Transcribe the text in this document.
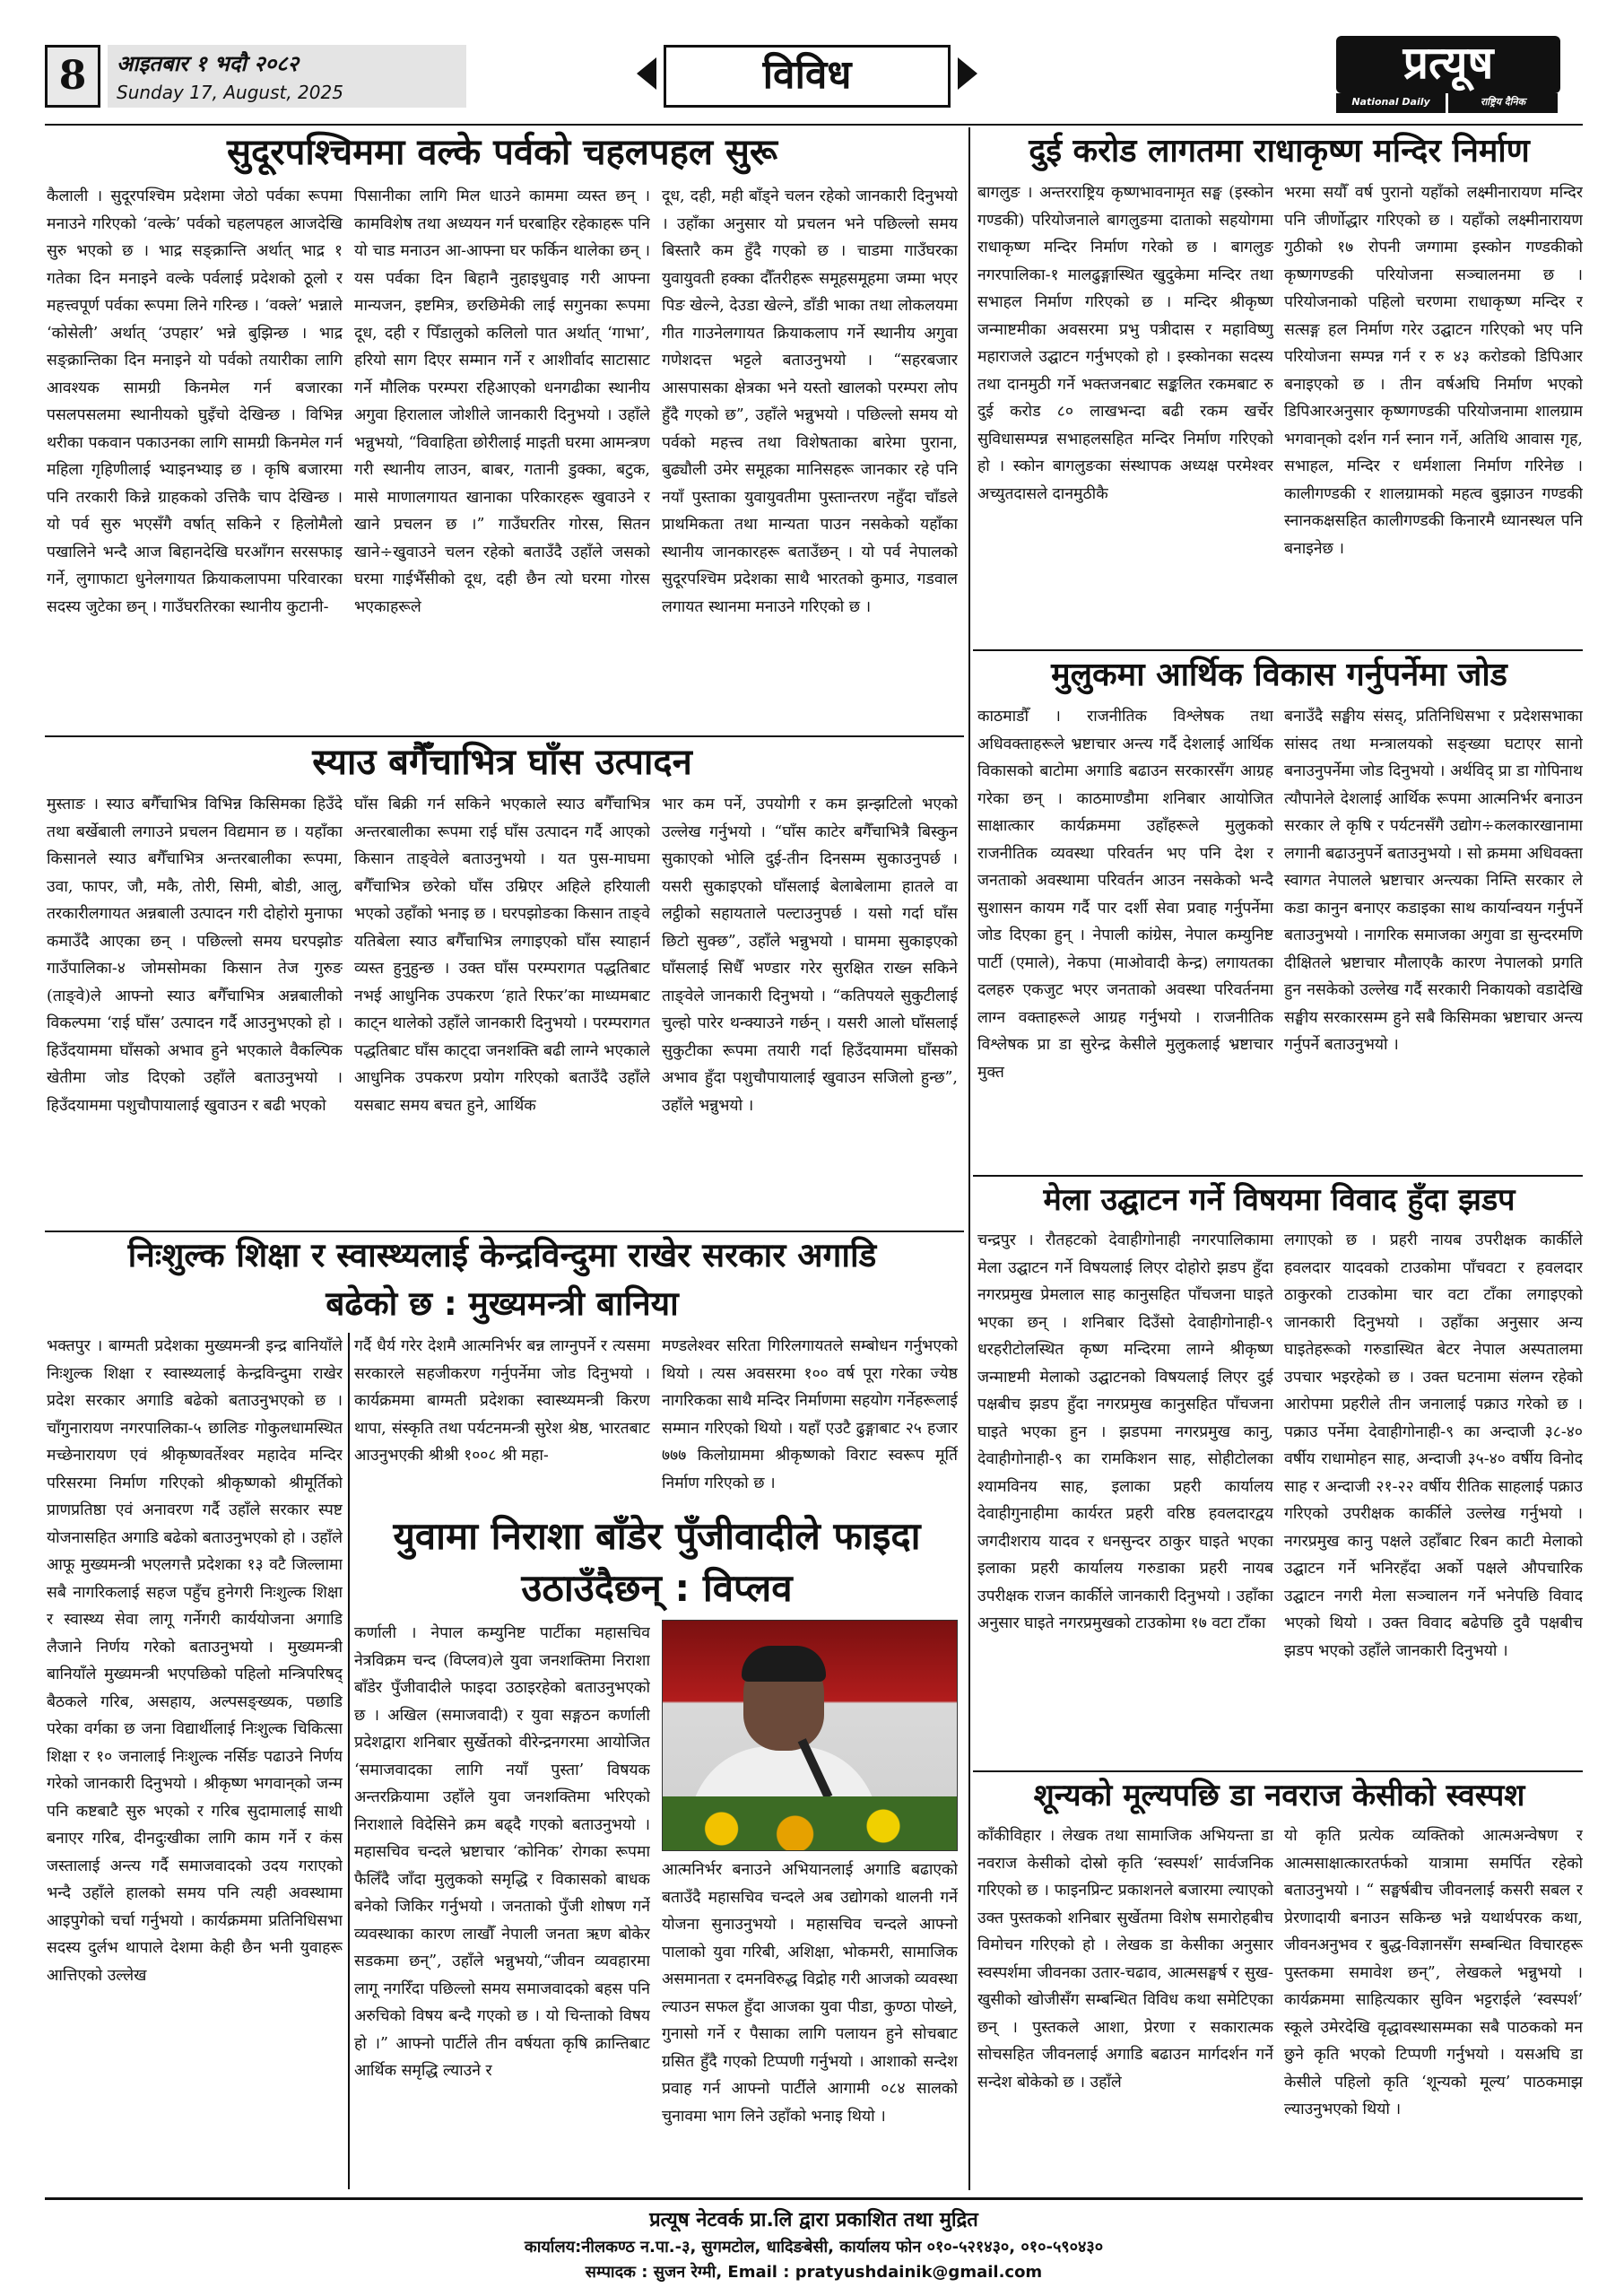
8	आइतबार १ भदौ २०८२
Sunday 17, August, 2025	विविध	प्रत्यूष
National Daily	राष्ट्रिय दैनिक
सुदूरपश्चिममा वल्के पर्वको चहलपहल सुरू
कैलाली । सुदूरपश्चिम प्रदेशमा जेठो पर्वका रूपमा मनाउने गरिएको ‘वल्के’ पर्वको चहलपहल आजदेखि सुरु भएको छ । भाद्र सङ्क्रान्ति अर्थात् भाद्र १ गतेका दिन मनाइने वल्के पर्वलाई प्रदेशको ठूलो र महत्त्वपूर्ण पर्वका रूपमा लिने गरिन्छ । ‘वक्ले’ भन्नाले ‘कोसेली’ अर्थात् ‘उपहार’ भन्ने बुझिन्छ । भाद्र सङ्क्रान्तिका दिन मनाइने यो पर्वको तयारीका लागि आवश्यक सामग्री किनमेल गर्न बजारका पसलपसलमा स्थानीयको घुइँचो देखिन्छ । विभिन्न थरीका पकवान पकाउनका लागि सामग्री किनमेल गर्न महिला गृहिणीलाई भ्याइनभ्याइ छ । कृषि बजारमा पनि तरकारी किन्ने ग्राहकको उत्तिकै चाप देखिन्छ । यो पर्व सुरु भएसँगै वर्षात् सकिने र हिलोमैलो पखालिने भन्दै आज बिहानदेखि घरआँगन सरसफाइ गर्ने, लुगाफाटा धुनेलगायत क्रियाकलापमा परिवारका सदस्य जुटेका छन् । गाउँघरतिरका स्थानीय कुटानी-
पिसानीका लागि मिल धाउने काममा व्यस्त छन् । कामविशेष तथा अध्ययन गर्न घरबाहिर रहेकाहरू पनि यो चाड मनाउन आ-आफ्ना घर फर्किन थालेका छन् । यस पर्वका दिन बिहानै नुहाइधुवाइ गरी आफ्ना मान्यजन, इष्टमित्र, छरछिमेकी लाई सगुनका रूपमा दूध, दही र पिँडालुको कलिलो पात अर्थात् ‘गाभा’, हरियो साग दिएर सम्मान गर्ने र आशीर्वाद साटासाट गर्ने मौलिक परम्परा रहिआएको धनगढीका स्थानीय अगुवा हिरालाल जोशीले जानकारी दिनुभयो । उहाँले भन्नुभयो, “विवाहिता छोरीलाई माइती घरमा आमन्त्रण गरी स्थानीय लाउन, बाबर, गतानी डुक्का, बटुक, मासे माणालगायत खानाका परिकारहरू खुवाउने र खाने प्रचलन छ ।” गाउँघरतिर गोरस, सितन खाने÷खुवाउने चलन रहेको बताउँदै उहाँले जसको घरमा गाईभैँसीको दूध, दही छैन त्यो घरमा गोरस भएकाहरूले
दूध, दही, मही बाँड्ने चलन रहेको जानकारी दिनुभयो । उहाँका अनुसार यो प्रचलन भने पछिल्लो समय बिस्तारै कम हुँदै गएको छ । चाडमा गाउँघरका युवायुवती हक्का दौँतरीहरू समूहसमूहमा जम्मा भएर पिङ खेल्ने, देउडा खेल्ने, डाँडी भाका तथा लोकलयमा गीत गाउनेलगायत क्रियाकलाप गर्ने स्थानीय अगुवा गणेशदत्त भट्टले बताउनुभयो । “सहरबजार आसपासका क्षेत्रका भने यस्तो खालको परम्परा लोप हुँदै गएको छ”, उहाँले भन्नुभयो । पछिल्लो समय यो पर्वको महत्त्व तथा विशेषताका बारेमा पुराना, बुढ्यौली उमेर समूहका मानिसहरू जानकार रहे पनि नयाँ पुस्ताका युवायुवतीमा पुस्तान्तरण नहुँदा चाँडले प्राथमिकता तथा मान्यता पाउन नसकेको यहाँका स्थानीय जानकारहरू बताउँछन् । यो पर्व नेपालको सुदूरपश्चिम प्रदेशका साथै भारतको कुमाउ, गडवाल लगायत स्थानमा मनाउने गरिएको छ ।
स्याउ बगैँचाभित्र घाँस उत्पादन
मुस्ताङ । स्याउ बगैँचाभित्र विभिन्न किसिमका हिउँदे तथा बर्खेबाली लगाउने प्रचलन विद्यमान छ । यहाँका किसानले स्याउ बगैँचाभित्र अन्तरबालीका रूपमा, उवा, फापर, जौ, मकै, तोरी, सिमी, बोडी, आलु, तरकारीलगायत अन्नबाली उत्पादन गरी दोहोरो मुनाफा कमाउँदै आएका छन् । पछिल्लो समय घरपझोङ गाउँपालिका-४ जोमसोमका किसान तेज गुरुङ (ताङ्वे)ले आफ्नो स्याउ बगैँचाभित्र अन्नबालीको विकल्पमा ‘राई घाँस’ उत्पादन गर्दै आउनुभएको हो । हिउँदयाममा घाँसको अभाव हुने भएकाले वैकल्पिक खेतीमा जोड दिएको उहाँले बताउनुभयो । हिउँदयाममा पशुचौपायालाई खुवाउन र बढी भएको
घाँस बिक्री गर्न सकिने भएकाले स्याउ बगैँचाभित्र अन्तरबालीका रूपमा राई घाँस उत्पादन गर्दै आएको किसान ताङ्वेले बताउनुभयो । यत पुस-माघमा बगैँचाभित्र छरेको घाँस उम्रिएर अहिले हरियाली भएको उहाँको भनाइ छ । घरपझोङका किसान ताङ्वे यतिबेला स्याउ बगैँचाभित्र लगाइएको घाँस स्याहार्न व्यस्त हुनुहुन्छ । उक्त घाँस परम्परागत पद्धतिबाट नभई आधुनिक उपकरण ‘हाते रिफर’का माध्यमबाट काट्न थालेको उहाँले जानकारी दिनुभयो । परम्परागत पद्धतिबाट घाँस काट्दा जनशक्ति बढी लाग्ने भएकाले आधुनिक उपकरण प्रयोग गरिएको बताउँदै उहाँले यसबाट समय बचत हुने, आर्थिक
भार कम पर्ने, उपयोगी र कम झन्झटिलो भएको उल्लेख गर्नुभयो । “घाँस काटेर बगैँचाभित्रै बिस्कुन सुकाएको भोलि दुई-तीन दिनसम्म सुकाउनुपर्छ । यसरी सुकाइएको घाँसलाई बेलाबेलामा हातले वा लट्ठीको सहायताले पल्टाउनुपर्छ । यसो गर्दा घाँस छिटो सुक्छ”, उहाँले भन्नुभयो । घाममा सुकाइएको घाँसलाई सिधैँ भण्डार गरेर सुरक्षित राख्न सकिने ताङ्वेले जानकारी दिनुभयो । “कतिपयले सुकुटीलाई चुल्हो पारेर थन्क्याउने गर्छन् । यसरी आलो घाँसलाई सुकुटीका रूपमा तयारी गर्दा हिउँदयाममा घाँसको अभाव हुँदा पशुचौपायालाई खुवाउन सजिलो हुन्छ”, उहाँले भन्नुभयो ।
निःशुल्क शिक्षा र स्वास्थ्यलाई केन्द्रविन्दुमा राखेर सरकार अगाडि
बढेको छ : मुख्यमन्त्री बानिया
भक्तपुर । बाग्मती प्रदेशका मुख्यमन्त्री इन्द्र बानियाँले निःशुल्क शिक्षा र स्वास्थ्यलाई केन्द्रविन्दुमा राखेर प्रदेश सरकार अगाडि बढेको बताउनुभएको छ । चाँगुनारायण नगरपालिका-५ छालिङ गोकुलधामस्थित मच्छेनारायण एवं श्रीकृष्णवर्तेश्वर महादेव मन्दिर परिसरमा निर्माण गरिएको श्रीकृष्णको श्रीमूर्तिको प्राणप्रतिष्ठा एवं अनावरण गर्दै उहाँले सरकार स्पष्ट योजनासहित अगाडि बढेको बताउनुभएको हो । उहाँले आफू मुख्यमन्त्री भएलगत्तै प्रदेशका १३ वटै जिल्लामा सबै नागरिकलाई सहज पहुँच हुनेगरी निःशुल्क शिक्षा र स्वास्थ्य सेवा लागू गर्नेगरी कार्ययोजना अगाडि लैजाने निर्णय गरेको बताउनुभयो । मुख्यमन्त्री बानियाँले मुख्यमन्त्री भएपछिको पहिलो मन्त्रिपरिषद् बैठकले गरिब, असहाय, अल्पसङ्ख्यक, पछाडि परेका वर्गका छ जना विद्यार्थीलाई निःशुल्क चिकित्सा शिक्षा र १० जनालाई निःशुल्क नर्सिङ पढाउने निर्णय गरेको जानकारी दिनुभयो । श्रीकृष्ण भगवान्‌को जन्म पनि कष्टबाटै सुरु भएको र गरिब सुदामालाई साथी बनाएर गरिब, दीनदुःखीका लागि काम गर्ने र कंस जस्तालाई अन्त्य गर्दै समाजवादको उदय गराएको भन्दै उहाँले हालको समय पनि त्यही अवस्थामा आइपुगेको चर्चा गर्नुभयो । कार्यक्रममा प्रतिनिधिसभा सदस्य दुर्लभ थापाले देशमा केही छैन भनी युवाहरू आत्तिएको उल्लेख
गर्दै धैर्य गरेर देशमै आत्मनिर्भर बन्न लाग्नुपर्ने र त्यसमा सरकारले सहजीकरण गर्नुपर्नेमा जोड दिनुभयो । कार्यक्रममा बाग्मती प्रदेशका स्वास्थ्यमन्त्री किरण थापा, संस्कृति तथा पर्यटनमन्त्री सुरेश श्रेष्ठ, भारतबाट आउनुभएकी श्रीश्री १००८ श्री महा-
मण्डलेश्वर सरिता गिरिलगायतले सम्बोधन गर्नुभएको थियो । त्यस अवसरमा १०० वर्ष पूरा गरेका ज्येष्ठ नागरिकका साथै मन्दिर निर्माणमा सहयोग गर्नेहरूलाई सम्मान गरिएको थियो । यहाँ एउटै ढुङ्गाबाट २५ हजार ७७७ किलोग्राममा श्रीकृष्णको विराट स्वरूप मूर्ति निर्माण गरिएको छ ।
युवामा निराशा बाँडेर पुँजीवादीले फाइदा
उठाउँदैछन् : विप्लव
कर्णाली । नेपाल कम्युनिष्ट पार्टीका महासचिव नेत्रविक्रम चन्द (विप्लव)ले युवा जनशक्तिमा निराशा बाँडेर पुँजीवादीले फाइदा उठाइरहेको बताउनुभएको छ । अखिल (समाजवादी) र युवा सङ्गठन कर्णाली प्रदेशद्वारा शनिबार सुर्खेतको वीरेन्द्रनगरमा आयोजित ‘समाजवादका लागि नयाँ पुस्ता’ विषयक अन्तरक्रियामा उहाँले युवा जनशक्तिमा भरिएको निराशाले विदेसिने क्रम बढ्दै गएको बताउनुभयो । महासचिव चन्दले भ्रष्टाचार ‘कोनिक’ रोगका रूपमा फैलिँदै जाँदा मुलुकको समृद्धि र विकासको बाधक बनेको जिकिर गर्नुभयो । जनताको पुँजी शोषण गर्ने व्यवस्थाका कारण लाखौँ नेपाली जनता ऋण बोकेर सडकमा छन्”, उहाँले भन्नुभयो,“जीवन व्यवहारमा लागू नगरिँदा पछिल्लो समय समाजवादको बहस पनि अरुचिको विषय बन्दै गएको छ । यो चिन्ताको विषय हो ।” आफ्नो पार्टीले तीन वर्षयता कृषि क्रान्तिबाट आर्थिक समृद्धि ल्याउने र
आत्मनिर्भर बनाउने अभियानलाई अगाडि बढाएको बताउँदै महासचिव चन्दले अब उद्योगको थालनी गर्ने योजना सुनाउनुभयो । महासचिव चन्दले आफ्नो पालाको युवा गरिबी, अशिक्षा, भोकमरी, सामाजिक असमानता र दमनविरुद्ध विद्रोह गरी आजको व्यवस्था ल्याउन सफल हुँदा आजका युवा पीडा, कुण्ठा पोख्ने, गुनासो गर्ने र पैसाका लागि पलायन हुने सोचबाट ग्रसित हुँदै गएको टिप्पणी गर्नुभयो । आशाको सन्देश प्रवाह गर्न आफ्नो पार्टीले आगामी ०८४ सालको चुनावमा भाग लिने उहाँको भनाइ थियो ।
दुई करोड लागतमा राधाकृष्ण मन्दिर निर्माण
बागलुङ । अन्तरराष्ट्रिय कृष्णभावनामृत सङ्घ (इस्कोन गण्डकी) परियोजनाले बागलुङमा दाताको सहयोगमा राधाकृष्ण मन्दिर निर्माण गरेको छ । बागलुङ नगरपालिका-१ मालढुङ्गास्थित खुदुकेमा मन्दिर तथा सभाहल निर्माण गरिएको छ । मन्दिर श्रीकृष्ण जन्माष्टमीका अवसरमा प्रभु पत्रीदास र महाविष्णु महाराजले उद्घाटन गर्नुभएको हो । इस्कोनका सदस्य तथा दानमुठी गर्ने भक्तजनबाट सङ्कलित रकमबाट रु दुई करोड ८० लाखभन्दा बढी रकम खर्चेर सुविधासम्पन्न सभाहलसहित मन्दिर निर्माण गरिएको हो । स्कोन बागलुङका संस्थापक अध्यक्ष परमेश्वर अच्युतदासले दानमुठीकै
भरमा सयौँ वर्ष पुरानो यहाँको लक्ष्मीनारायण मन्दिर पनि जीर्णोद्धार गरिएको छ । यहाँको लक्ष्मीनारायण गुठीको १७ रोपनी जग्गामा इस्कोन गण्डकीको कृष्णगण्डकी परियोजना सञ्चालनमा छ । परियोजनाको पहिलो चरणमा राधाकृष्ण मन्दिर र सत्सङ्ग हल निर्माण गरेर उद्घाटन गरिएको भए पनि परियोजना सम्पन्न गर्न र रु ४३ करोडको डिपिआर बनाइएको छ । तीन वर्षअघि निर्माण भएको डिपिआरअनुसार कृष्णगण्डकी परियोजनामा शालग्राम भगवान्‌को दर्शन गर्न स्नान गर्ने, अतिथि आवास गृह, सभाहल, मन्दिर र धर्मशाला निर्माण गरिनेछ । कालीगण्डकी र शालग्रामको महत्व बुझाउन गण्डकी स्नानकक्षसहित कालीगण्डकी किनारमै ध्यानस्थल पनि बनाइनेछ ।
मुलुकमा आर्थिक विकास गर्नुपर्नेमा जोड
काठमाडौँ । राजनीतिक विश्लेषक तथा अधिवक्ताहरूले भ्रष्टाचार अन्त्य गर्दै देशलाई आर्थिक विकासको बाटोमा अगाडि बढाउन सरकारसँग आग्रह गरेका छन् । काठमाण्डौमा शनिबार आयोजित साक्षात्कार कार्यक्रममा उहाँहरूले मुलुकको राजनीतिक व्यवस्था परिवर्तन भए पनि देश र जनताको अवस्थामा परिवर्तन आउन नसकेको भन्दै सुशासन कायम गर्दै पार दर्शी सेवा प्रवाह गर्नुपर्नेमा जोड दिएका हुन् । नेपाली कांग्रेस, नेपाल कम्युनिष्ट पार्टी (एमाले), नेकपा (माओवादी केन्द्र) लगायतका दलहरु एकजुट भएर जनताको अवस्था परिवर्तनमा लाग्न वक्ताहरूले आग्रह गर्नुभयो । राजनीतिक विश्लेषक प्रा डा सुरेन्द्र केसीले मुलुकलाई भ्रष्टाचार मुक्त
बनाउँदै सङ्घीय संसद्, प्रतिनिधिसभा र प्रदेशसभाका सांसद तथा मन्त्रालयको सङ्ख्या घटाएर सानो बनाउनुपर्नेमा जोड दिनुभयो । अर्थविद् प्रा डा गोपिनाथ त्यौपानेले देशलाई आर्थिक रूपमा आत्मनिर्भर बनाउन सरकार ले कृषि र पर्यटनसँगै उद्योग÷कलकारखानामा लगानी बढाउनुपर्ने बताउनुभयो । सो क्रममा अधिवक्ता स्वागत नेपालले भ्रष्टाचार अन्त्यका निम्ति सरकार ले कडा कानुन बनाएर कडाइका साथ कार्यान्वयन गर्नुपर्ने बताउनुभयो । नागरिक समाजका अगुवा डा सुन्दरमणि दीक्षितले भ्रष्टाचार मौलाएकै कारण नेपालको प्रगति हुन नसकेको उल्लेख गर्दै सरकारी निकायको वडादेखि सङ्घीय सरकारसम्म हुने सबै किसिमका भ्रष्टाचार अन्त्य गर्नुपर्ने बताउनुभयो ।
मेला उद्घाटन गर्ने विषयमा विवाद हुँदा झडप
चन्द्रपुर । रौतहटको देवाहीगोनाही नगरपालिकामा मेला उद्घाटन गर्ने विषयलाई लिएर दोहोरो झडप हुँदा नगरप्रमुख प्रेमलाल साह कानुसहित पाँचजना घाइते भएका छन् । शनिबार दिउँसो देवाहीगोनाही-९ धरहरीटोलस्थित कृष्ण मन्दिरमा लाग्ने श्रीकृष्ण जन्माष्टमी मेलाको उद्घाटनको विषयलाई लिएर दुई पक्षबीच झडप हुँदा नगरप्रमुख कानुसहित पाँचजना घाइते भएका हुन । झडपमा नगरप्रमुख कानु, देवाहीगोनाही-९ का रामकिशन साह, सोहीटोलका श्यामविनय साह, इलाका प्रहरी कार्यालय देवाहीगुनाहीमा कार्यरत प्रहरी वरिष्ठ हवलदारद्वय जगदीशराय यादव र धनसुन्दर ठाकुर घाइते भएका इलाका प्रहरी कार्यालय गरुडाका प्रहरी नायब उपरीक्षक राजन कार्कीले जानकारी दिनुभयो । उहाँका अनुसार घाइते नगरप्रमुखको टाउकोमा १७ वटा टाँका
लगाएको छ । प्रहरी नायब उपरीक्षक कार्कीले हवलदार यादवको टाउकोमा पाँचवटा र हवलदार ठाकुरको टाउकोमा चार वटा टाँका लगाइएको जानकारी दिनुभयो । उहाँका अनुसार अन्य घाइतेहरूको गरुडास्थित बेटर नेपाल अस्पतालमा उपचार भइरहेको छ । उक्त घटनामा संलग्न रहेको आरोपमा प्रहरीले तीन जनालाई पक्राउ गरेको छ । पक्राउ पर्नेमा देवाहीगोनाही-९ का अन्दाजी ३८-४० वर्षीय राधामोहन साह, अन्दाजी ३५-४० वर्षीय विनोद साह र अन्दाजी २१-२२ वर्षीय रीतिक साहलाई पक्राउ गरिएको उपरीक्षक कार्कीले उल्लेख गर्नुभयो । नगरप्रमुख कानु पक्षले उहाँबाट रिबन काटी मेलाको उद्घाटन गर्ने भनिरहँदा अर्को पक्षले औपचारिक उद्घाटन नगरी मेला सञ्चालन गर्ने भनेपछि विवाद भएको थियो । उक्त विवाद बढेपछि दुवै पक्षबीच झडप भएको उहाँले जानकारी दिनुभयो ।
शून्यको मूल्यपछि डा नवराज केसीको स्वस्पश
काँकीविहार । लेखक तथा सामाजिक अभियन्ता डा नवराज केसीको दोस्रो कृति ‘स्वस्पर्श’ सार्वजनिक गरिएको छ । फाइनप्रिन्ट प्रकाशनले बजारमा ल्याएको उक्त पुस्तकको शनिबार सुर्खेतमा विशेष समारोहबीच विमोचन गरिएको हो । लेखक डा केसीका अनुसार स्वस्पर्शमा जीवनका उतार-चढाव, आत्मसङ्घर्ष र सुख-खुसीको खोजीसँग सम्बन्धित विविध कथा समेटिएका छन् । पुस्तकले आशा, प्रेरणा र सकारात्मक सोचसहित जीवनलाई अगाडि बढाउन मार्गदर्शन गर्ने सन्देश बोकेको छ । उहाँले
यो कृति प्रत्येक व्यक्तिको आत्मअन्वेषण र आत्मसाक्षात्कारतर्फको यात्रामा समर्पित रहेको बताउनुभयो । “ सङ्घर्षबीच जीवनलाई कसरी सबल र प्रेरणादायी बनाउन सकिन्छ भन्ने यथार्थपरक कथा, जीवनअनुभव र बुद्ध-विज्ञानसँग सम्बन्धित विचारहरू पुस्तकमा समावेश छन्”, लेखकले भन्नुभयो । कार्यक्रममा साहित्यकार सुविन भट्टराईले ‘स्वस्पर्श’ स्कूले उमेरदेखि वृद्धावस्थासम्मका सबै पाठकको मन छुने कृति भएको टिप्पणी गर्नुभयो । यसअघि डा केसीले पहिलो कृति ‘शून्यको मूल्य’ पाठकमाझ ल्याउनुभएको थियो ।
प्रत्यूष नेटवर्क प्रा.लि द्वारा प्रकाशित तथा मुद्रित
कार्यालय:नीलकण्ठ न.पा.-३, सुगमटोल, धादिङबेसी, कार्यालय फोन ०१०-५२१४३०, ०१०-५९०४३०
सम्पादक : सुजन रेग्मी, Email : pratyushdainik@gmail.com
